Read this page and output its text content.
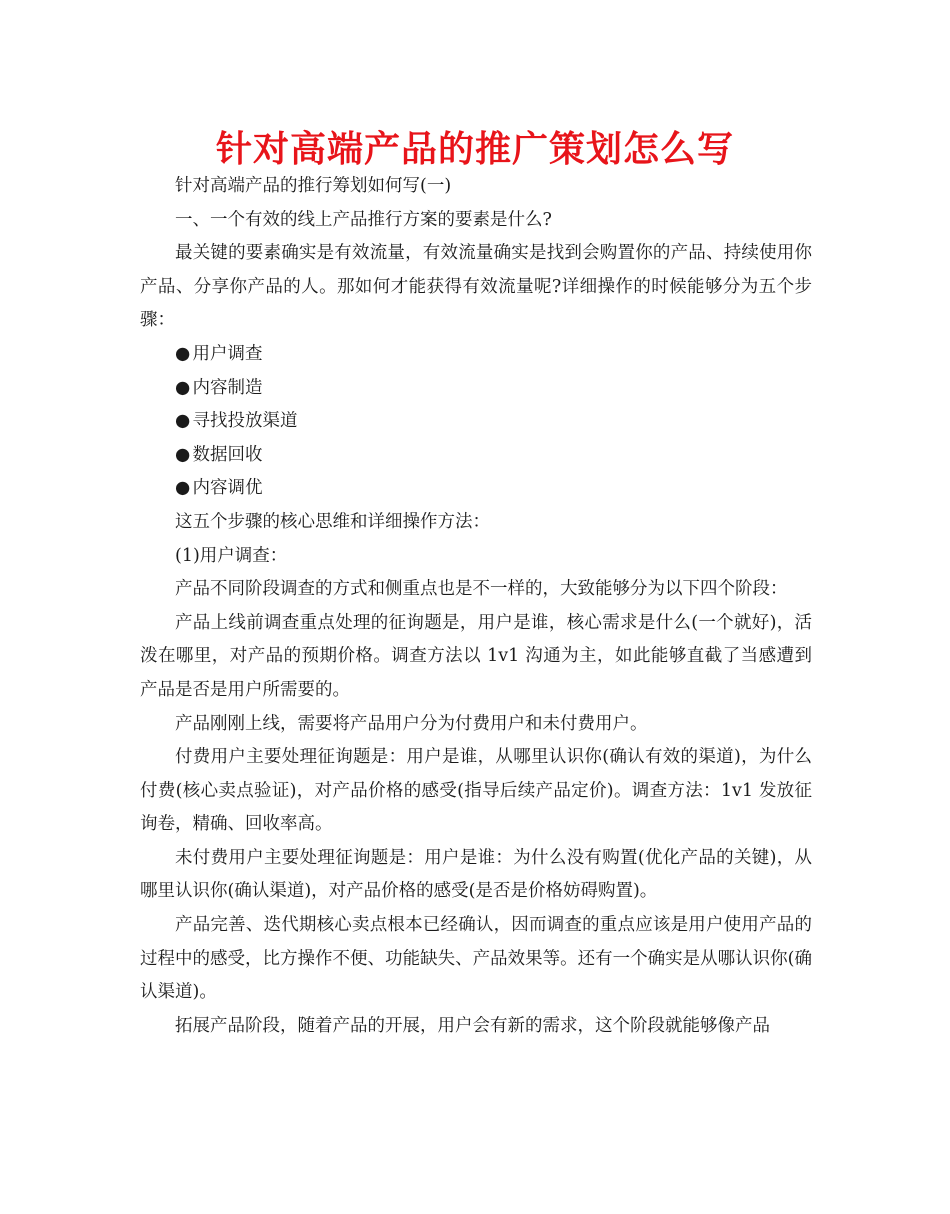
针对高端产品的推广策划怎么写

针对高端产品的推行筹划如何写(一)

一、一个有效的线上产品推行方案的要素是什么?

最关键的要素确实是有效流量，有效流量确实是找到会购置你的产品、持续使用你产品、分享你产品的人。那如何才能获得有效流量呢?详细操作的时候能够分为五个步骤：

● 用户调查

● 内容制造

● 寻找投放渠道

● 数据回收

● 内容调优

这五个步骤的核心思维和详细操作方法：

(1)用户调查：

产品不同阶段调查的方式和侧重点也是不一样的，大致能够分为以下四个阶段：

产品上线前调查重点处理的征询题是，用户是谁，核心需求是什么(一个就好)，活泼在哪里，对产品的预期价格。调查方法以 1v1 沟通为主，如此能够直截了当感遭到产品是否是用户所需要的。

产品刚刚上线，需要将产品用户分为付费用户和未付费用户。

付费用户主要处理征询题是：用户是谁，从哪里认识你(确认有效的渠道)，为什么付费(核心卖点验证)，对产品价格的感受(指导后续产品定价)。调查方法：1v1 发放征询卷，精确、回收率高。

未付费用户主要处理征询题是：用户是谁：为什么没有购置(优化产品的关键)，从哪里认识你(确认渠道)，对产品价格的感受(是否是价格妨碍购置)。

产品完善、迭代期核心卖点根本已经确认，因而调查的重点应该是用户使用产品的过程中的感受，比方操作不便、功能缺失、产品效果等。还有一个确实是从哪认识你(确认渠道)。

拓展产品阶段，随着产品的开展，用户会有新的需求，这个阶段就能够像产品
